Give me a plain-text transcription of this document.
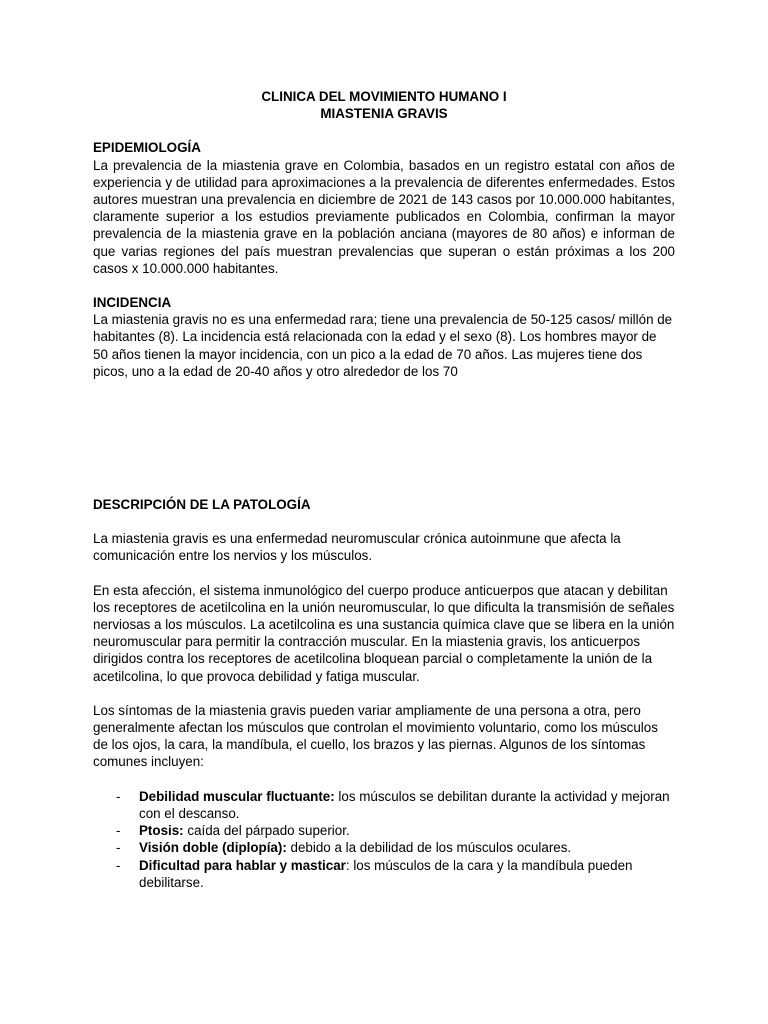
CLINICA DEL MOVIMIENTO HUMANO I
MIASTENIA GRAVIS
EPIDEMIOLOGÍA

La prevalencia de la miastenia grave en Colombia, basados en un registro estatal con años de experiencia y de utilidad para aproximaciones a la prevalencia de diferentes enfermedades. Estos autores muestran una prevalencia en diciembre de 2021 de 143 casos por 10.000.000 habitantes, claramente superior a los estudios previamente publicados en Colombia, confirman la mayor prevalencia de la miastenia grave en la población anciana (mayores de 80 años) e informan de que varias regiones del país muestran prevalencias que superan o están próximas a los 200 casos x 10.000.000 habitantes.

INCIDENCIA

La miastenia gravis no es una enfermedad rara; tiene una prevalencia de 50-125 casos/ millón de habitantes (8). La incidencia está relacionada con la edad y el sexo (8). Los hombres mayor de 50 años tienen la mayor incidencia, con un pico a la edad de 70 años. Las mujeres tiene dos picos, uno a la edad de 20-40 años y otro alrededor de los 70

DESCRIPCIÓN DE LA PATOLOGÍA

La miastenia gravis es una enfermedad neuromuscular crónica autoinmune que afecta la comunicación entre los nervios y los músculos.

En esta afección, el sistema inmunológico del cuerpo produce anticuerpos que atacan y debilitan los receptores de acetilcolina en la unión neuromuscular, lo que dificulta la transmisión de señales nerviosas a los músculos. La acetilcolina es una sustancia química clave que se libera en la unión neuromuscular para permitir la contracción muscular. En la miastenia gravis, los anticuerpos dirigidos contra los receptores de acetilcolina bloquean parcial o completamente la unión de la acetilcolina, lo que provoca debilidad y fatiga muscular.

Los síntomas de la miastenia gravis pueden variar ampliamente de una persona a otra, pero generalmente afectan los músculos que controlan el movimiento voluntario, como los músculos de los ojos, la cara, la mandíbula, el cuello, los brazos y las piernas. Algunos de los síntomas comunes incluyen:

- Debilidad muscular fluctuante: los músculos se debilitan durante la actividad y mejoran con el descanso.
- Ptosis: caída del párpado superior.
- Visión doble (diplopía): debido a la debilidad de los músculos oculares.
- Dificultad para hablar y masticar: los músculos de la cara y la mandíbula pueden debilitarse.
